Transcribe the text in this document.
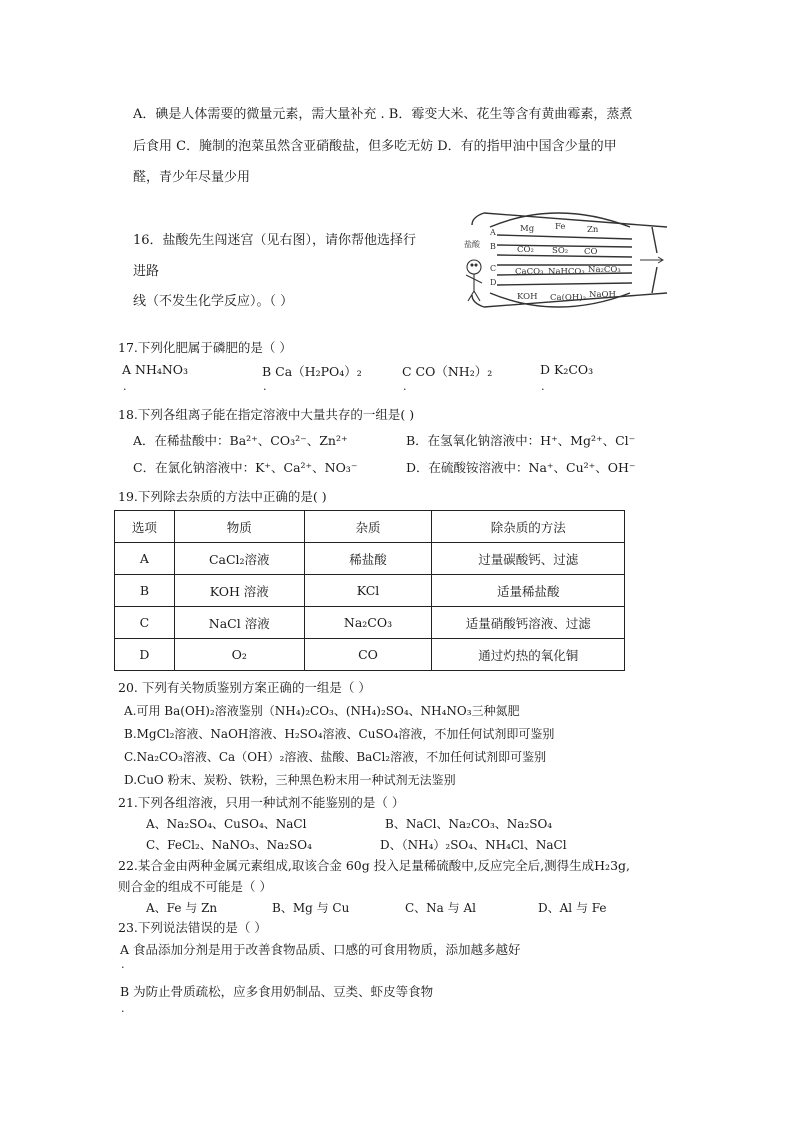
A．碘是人体需要的微量元素，需大量补充 . B．霉变大米、花生等含有黄曲霉素，蒸煮
后食用 C．腌制的泡菜虽然含亚硝酸盐，但多吃无妨 D．有的指甲油中国含少量的甲
醛，青少年尽量少用
16．盐酸先生闯迷宫（见右图），请你帮他选择行
进路
线（不发生化学反应）。（ ）
盐酸
A
B
C
D
Mg Fe	Zn
CO₂ SO₂ CO
CaCO₃ NaHCO₃ Na₂CO₃
KOH Ca(OH)₂ NaOH
17.下列化肥属于磷肥的是（ ）
A NH₄NO₃	B Ca（H₂PO₄）₂	C CO（NH₂）₂	D K₂CO₃
.	.	.	.
18.下列各组离子能在指定溶液中大量共存的一组是( )
A．在稀盐酸中：Ba²⁺、CO₃²⁻、Zn²⁺	B．在氢氧化钠溶液中：H⁺、Mg²⁺、Cl⁻
C．在氯化钠溶液中：K⁺、Ca²⁺、NO₃⁻	D．在硫酸铵溶液中：Na⁺、Cu²⁺、OH⁻
19.下列除去杂质的方法中正确的是( )
选项	物质	杂质	除杂质的方法
A	CaCl₂溶液	稀盐酸	过量碳酸钙、过滤
B	KOH 溶液	KCl	适量稀盐酸
C	NaCl 溶液	Na₂CO₃	适量硝酸钙溶液、过滤
D	O₂	CO	通过灼热的氧化铜
20. 下列有关物质鉴别方案正确的一组是（ ）
A.可用 Ba(OH)₂溶液鉴别（NH₄)₂CO₃、(NH₄)₂SO₄、NH₄NO₃三种氮肥
B.MgCl₂溶液、NaOH溶液、H₂SO₄溶液、CuSO₄溶液，不加任何试剂即可鉴别
C.Na₂CO₃溶液、Ca（OH）₂溶液、盐酸、BaCl₂溶液，不加任何试剂即可鉴别
D.CuO 粉末、炭粉、铁粉，三种黑色粉末用一种试剂无法鉴别
21.下列各组溶液，只用一种试剂不能鉴别的是（ ）
A、Na₂SO₄、CuSO₄、NaCl	B、NaCl、Na₂CO₃、Na₂SO₄
C、FeCl₂、NaNO₃、Na₂SO₄	D、（NH₄）₂SO₄、NH₄Cl、NaCl
22.某合金由两种金属元素组成,取该合金 60g 投入足量稀硫酸中,反应完全后,测得生成H₂3g,
则合金的组成不可能是（ ）
A、Fe 与 Zn	B、Mg 与 Cu	C、Na 与 Al	D、Al 与 Fe
23.下列说法错误的是（ ）
A 食品添加分剂是用于改善食物品质、口感的可食用物质，添加越多越好
.
B 为防止骨质疏松，应多食用奶制品、豆类、虾皮等食物
.
